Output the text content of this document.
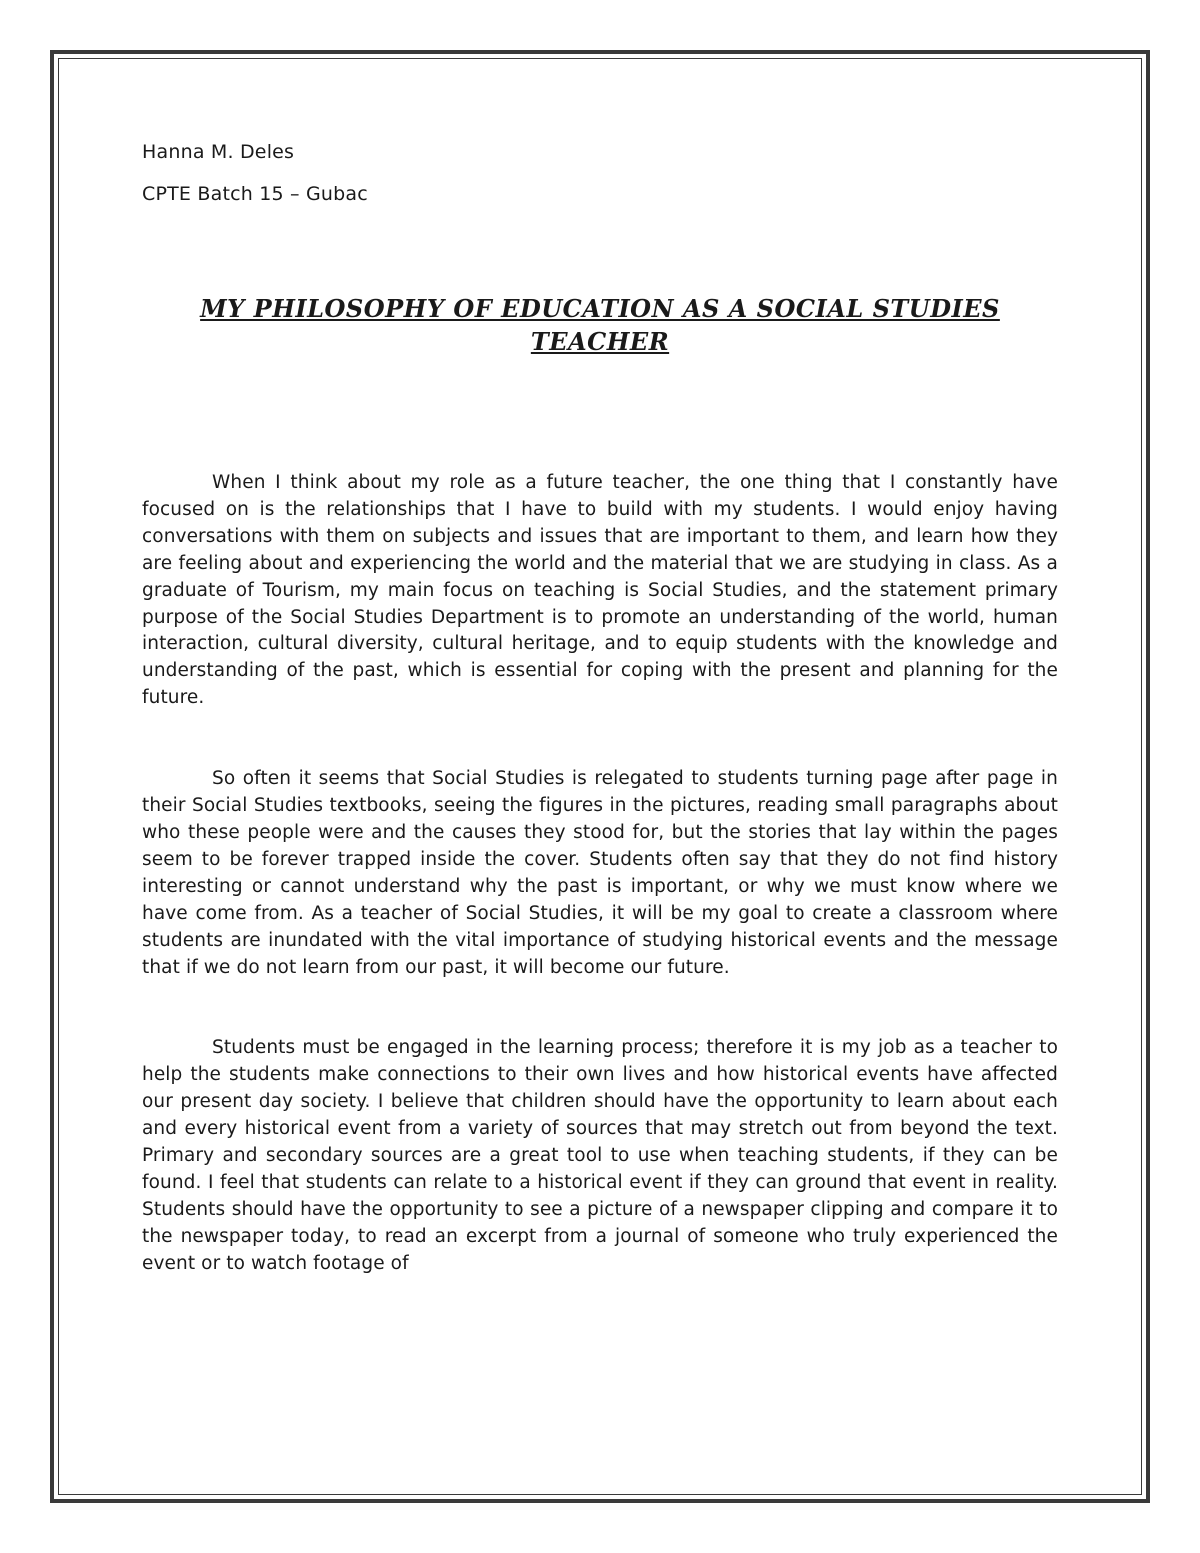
Hanna M. Deles

CPTE Batch 15 – Gubac

MY PHILOSOPHY OF EDUCATION AS A SOCIAL STUDIES TEACHER

When I think about my role as a future teacher, the one thing that I constantly have focused on is the relationships that I have to build with my students. I would enjoy having conversations with them on subjects and issues that are important to them, and learn how they are feeling about and experiencing the world and the material that we are studying in class. As a graduate of Tourism, my main focus on teaching is Social Studies, and the statement primary purpose of the Social Studies Department is to promote an understanding of the world, human interaction, cultural diversity, cultural heritage, and to equip students with the knowledge and understanding of the past, which is essential for coping with the present and planning for the future.

So often it seems that Social Studies is relegated to students turning page after page in their Social Studies textbooks, seeing the figures in the pictures, reading small paragraphs about who these people were and the causes they stood for, but the stories that lay within the pages seem to be forever trapped inside the cover. Students often say that they do not find history interesting or cannot understand why the past is important, or why we must know where we have come from. As a teacher of Social Studies, it will be my goal to create a classroom where students are inundated with the vital importance of studying historical events and the message that if we do not learn from our past, it will become our future.

Students must be engaged in the learning process; therefore it is my job as a teacher to help the students make connections to their own lives and how historical events have affected our present day society. I believe that children should have the opportunity to learn about each and every historical event from a variety of sources that may stretch out from beyond the text. Primary and secondary sources are a great tool to use when teaching students, if they can be found. I feel that students can relate to a historical event if they can ground that event in reality. Students should have the opportunity to see a picture of a newspaper clipping and compare it to the newspaper today, to read an excerpt from a journal of someone who truly experienced the event or to watch footage of
